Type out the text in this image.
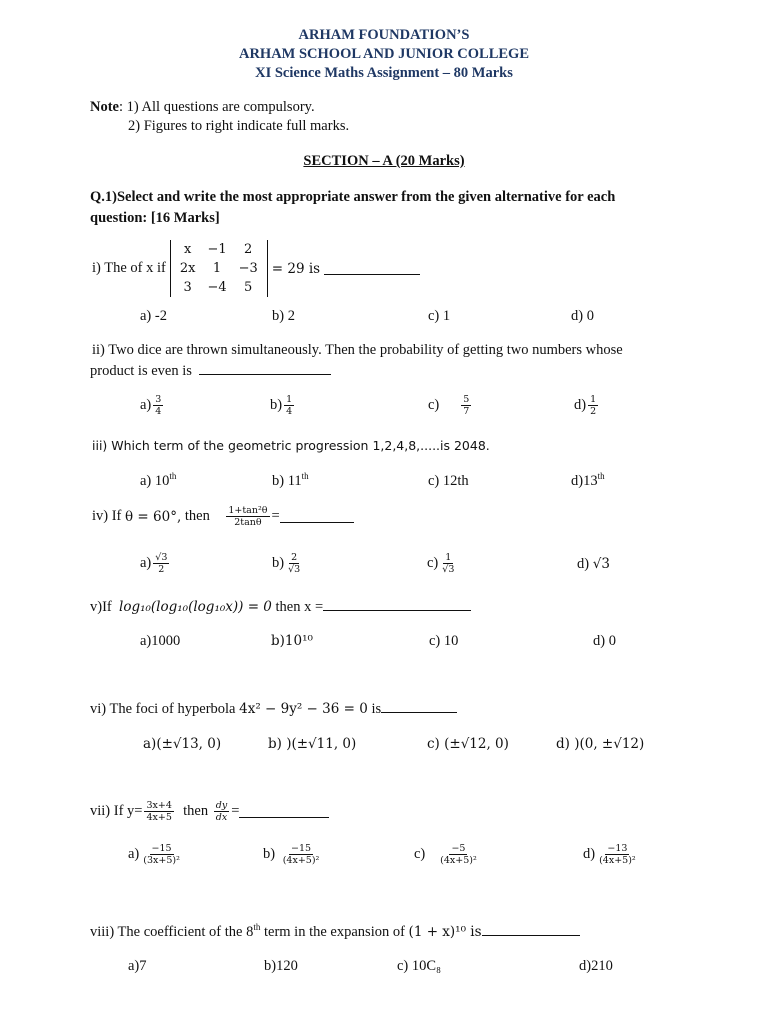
ARHAM FOUNDATION’S
ARHAM SCHOOL AND JUNIOR COLLEGE
XI Science Maths Assignment – 80 Marks
Note: 1) All questions are compulsory.
2) Figures to right indicate full marks.
SECTION – A (20 Marks)
Q.1)Select and write the most appropriate answer from the given alternative for each
question: [16 Marks]
i) The of x if
x	−1	2
2x	1	−3
3	−4	5
= 29 is
a) -2	b) 2	c) 1	d) 0
ii) Two dice are thrown simultaneously. Then the probability of getting two numbers whose
product is even is
$a) \frac{3}{4}$	$b) \frac{1}{4}$	$c) \frac{5}{7}$	$d) \frac{1}{2}$
iii) Which term of the geometric progression 1,2,4,8,.....is 2048.
a) 10th	b) 11th	c) 12th	d)13th
iv) If
θ = 60°,
then
$\frac{\text{1+tan²θ}}{2\tan\theta}$ =
$a) \frac{√3}{2}$	$b) \frac{2}{√3}$	$c) \frac{1}{√3}$	d) √3
v)If log₁₀(log₁₀(log₁₀x)) = 0 then x =
a)1000	b)10¹⁰	c) 10	d) 0
vi) The foci of hyperbola 4x² − 9y² − 36 = 0 is
a)(±√13, 0)	b) )(±√11, 0)	c) (±√12, 0)	d) )(0, ±√12)
vii) If $y= \frac{3x+4}{4x+5}$
then
$\frac{dy}{dx}$ =
$a) \frac{-15}{\text{(3x+5)²}}$	$b) \frac{-15}{\text{(4x+5)²}}$	$c) \frac{-5}{\text{(4x+5)²}}$	$d) \frac{-13}{\text{(4x+5)²}}$
viii) The coefficient of the 8th term in the expansion of (1 + x)¹⁰ is
a)7	b)120	c) 10C₈	d)210
